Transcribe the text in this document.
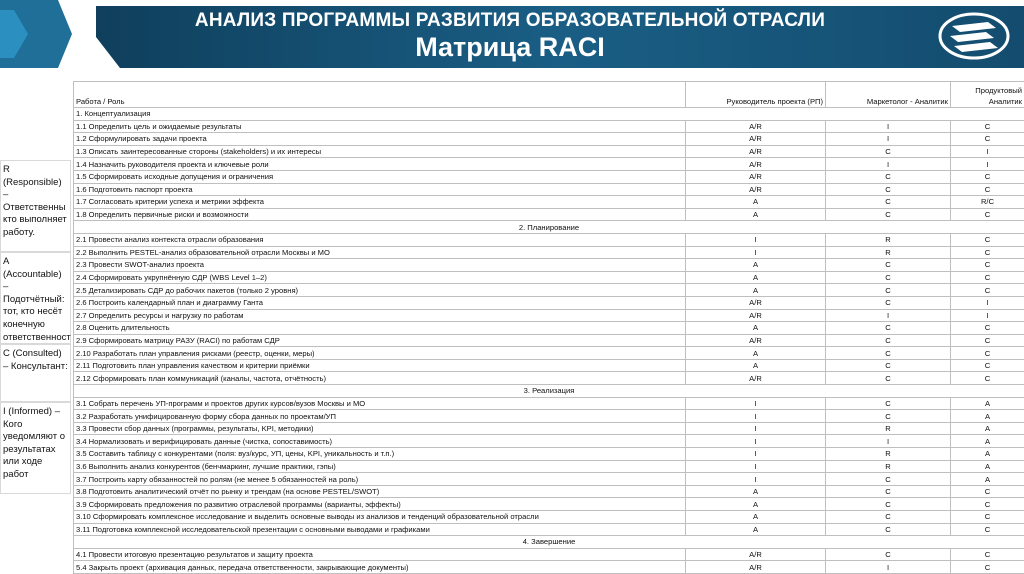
АНАЛИЗ ПРОГРАММЫ РАЗВИТИЯ ОБРАЗОВАТЕЛЬНОЙ ОТРАСЛИ
Матрица RACI
R (Responsible) – Ответственны кто выполняет работу.
A (Accountable) – Подотчётный: тот, кто несёт конечную ответственност
C (Consulted) – Консультант:
I (Informed) – Кого уведомляют о результатах или ходе работ
Работа / Роль	Руководитель проекта (РП)	Маркетолог - Аналитик	Продуктовый
Аналитик

1. Концептуализация			
1.1 Определить цель и ожидаемые результаты	A/R	I	C
1.2 Сформулировать задачи проекта	A/R	I	C
1.3 Описать заинтересованные стороны (stakeholders) и их интересы	A/R	C	I
1.4 Назначить руководителя проекта и ключевые роли	A/R	I	I
1.5 Сформировать исходные допущения и ограничения	A/R	C	C
1.6 Подготовить паспорт проекта	A/R	C	C
1.7 Согласовать критерии успеха и метрики эффекта	A	C	R/C
1.8 Определить первичные риски и возможности	A	C	C
2. Планирование			
2.1 Провести анализ контекста отрасли образования	I	R	C
2.2 Выполнить PESTEL-анализ образовательной отрасли Москвы и МО	I	R	C
2.3 Провести SWOT-анализ проекта	A	C	C
2.4 Сформировать укрупнённую СДР (WBS Level 1–2)	A	C	C
2.5 Детализировать СДР до рабочих пакетов (только 2 уровня)	A	C	C
2.6 Построить календарный план и диаграмму Ганта	A/R	C	I
2.7 Определить ресурсы и нагрузку по работам	A/R	I	I
2.8 Оценить длительность	A	C	C
2.9 Сформировать матрицу РАЗУ (RACI) по работам СДР	A/R	C	C
2.10 Разработать план управления рисками (реестр, оценки, меры)	A	C	C
2.11 Подготовить план управления качеством и критерии приёмки	A	C	C
2.12 Сформировать план коммуникаций (каналы, частота, отчётность)	A/R	C	C
3. Реализация			
3.1 Собрать перечень УП-программ и проектов других курсов/вузов Москвы и МО	I	C	A
3.2 Разработать унифицированную форму сбора данных по проектам/УП	I	C	A
3.3 Провести сбор данных (программы, результаты, KPI, методики)	I	R	A
3.4 Нормализовать и верифицировать данные (чистка, сопоставимость)	I	I	A
3.5 Составить таблицу с конкурентами (поля: вуз/курс, УП, цены, KPI, уникальность и т.п.)	I	R	A
3.6 Выполнить анализ конкурентов (бенчмаркинг, лучшие практики, гэпы)	I	R	A
3.7 Построить карту обязанностей по ролям (не менее 5 обязанностей на роль)	I	C	A
3.8 Подготовить аналитический отчёт по рынку и трендам (на основе PESTEL/SWOT)	A	C	C
3.9 Сформировать предложения по развитию отраслевой программы (варианты, эффекты)	A	C	C
3.10 Сформировать комплексное исследование и выделить основные выводы из анализов и тенденций образовательной отрасли	A	C	C
3.11 Подготовка комплексной исследовательской презентации с основными выводами и графиками	A	C	C
4. Завершение			
4.1 Провести итоговую презентацию результатов и защиту проекта	A/R	C	C
5.4 Закрыть проект (архивация данных, передача ответственности, закрывающие документы)	A/R	I	C
